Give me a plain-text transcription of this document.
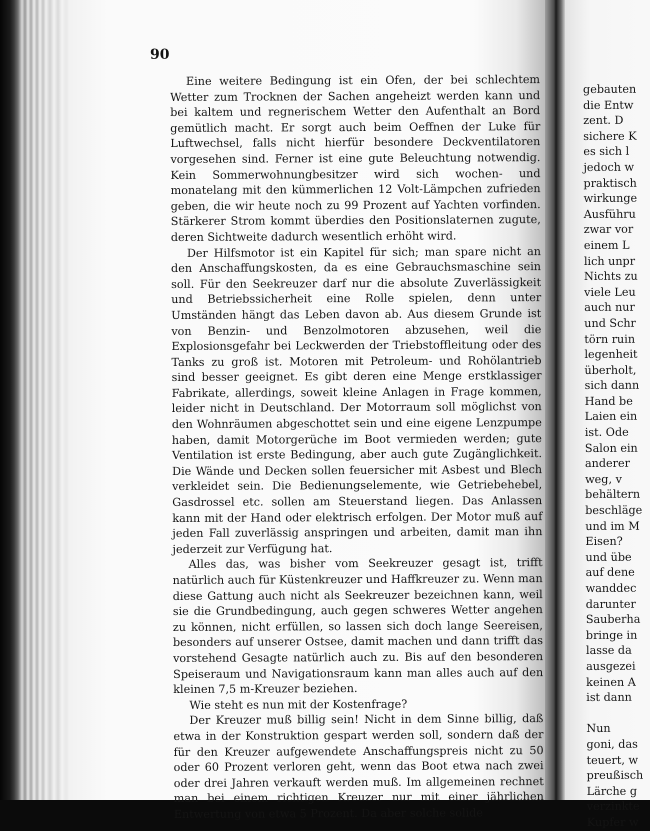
90

Eine weitere Bedingung ist ein Ofen, der bei schlechtem Wetter zum Trocknen der Sachen angeheizt werden kann und bei kaltem und regnerischem Wetter den Aufenthalt an Bord gemütlich macht. Er sorgt auch beim Oeffnen der Luke für Luftwechsel, falls nicht hierfür besondere Deckventilatoren vorgesehen sind. Ferner ist eine gute Beleuchtung notwendig. Kein Sommerwohnungbesitzer wird sich wochen- und monatelang mit den kümmerlichen 12 Volt-Lämpchen zufrieden geben, die wir heute noch zu 99 Prozent auf Yachten vorfinden. Stärkerer Strom kommt überdies den Positionslaternen zugute, deren Sichtweite dadurch wesentlich erhöht wird.

Der Hilfsmotor ist ein Kapitel für sich; man spare nicht an den Anschaffungskosten, da es eine Gebrauchsmaschine sein soll. Für den Seekreuzer darf nur die absolute Zuverlässigkeit und Betriebssicherheit eine Rolle spielen, denn unter Umständen hängt das Leben davon ab. Aus diesem Grunde ist von Benzin- und Benzolmotoren abzusehen, weil die Explosionsgefahr bei Leckwerden der Triebstoffleitung oder des Tanks zu groß ist. Motoren mit Petroleum- und Rohölantrieb sind besser geeignet. Es gibt deren eine Menge erstklassiger Fabrikate, allerdings, soweit kleine Anlagen in Frage kommen, leider nicht in Deutschland. Der Motorraum soll möglichst von den Wohnräumen abgeschottet sein und eine eigene Lenzpumpe haben, damit Motorgerüche im Boot vermieden werden; gute Ventilation ist erste Bedingung, aber auch gute Zugänglichkeit. Die Wände und Decken sollen feuersicher mit Asbest und Blech verkleidet sein. Die Bedienungselemente, wie Getriebehebel, Gasdrossel etc. sollen am Steuerstand liegen. Das Anlassen kann mit der Hand oder elektrisch erfolgen. Der Motor muß auf jeden Fall zuverlässig anspringen und arbeiten, damit man ihn jederzeit zur Verfügung hat.

Alles das, was bisher vom Seekreuzer gesagt ist, trifft natürlich auch für Küstenkreuzer und Haffkreuzer zu. Wenn man diese Gattung auch nicht als Seekreuzer bezeichnen kann, weil sie die Grundbedingung, auch gegen schweres Wetter angehen zu können, nicht erfüllen, so lassen sich doch lange Seereisen, besonders auf unserer Ostsee, damit machen und dann trifft das vorstehend Gesagte natürlich auch zu. Bis auf den besonderen Speiseraum und Navigationsraum kann man alles auch auf den kleinen 7,5 m-Kreuzer beziehen.

Wie steht es nun mit der Kostenfrage?

Der Kreuzer muß billig sein! Nicht in dem Sinne billig, daß etwa in der Konstruktion gespart werden soll, sondern daß der für den Kreuzer aufgewendete Anschaffungspreis nicht zu 50 oder 60 Prozent verloren geht, wenn das Boot etwa nach zwei oder drei Jahren verkauft werden muß. Im allgemeinen rechnet man bei einem richtigen Kreuzer nur mit einer jährlichen Entwertung von etwa 5 Prozent. Da aber solche solide

gebauten
die Entw
zent. D
sichere K
es sich l
jedoch w
praktisch
wirkunge
Ausführu
zwar vor
einem L
lich unpr
Nichts zu
viele Leu
auch nur
und Schr
törn ruin
legenheit
überholt,
sich dann
Hand be
Laien ein
ist. Ode
Salon ein
anderer
weg, v
behältern
beschläge
und im M
Eisen?
und übe
auf dene
wanddec
darunter
Sauberha
bringe in
lasse da
ausgezei
keinen A
ist dann
Nun
goni, das
teuert, w
preußisch
Lärche g
verzinkte
Kupfer w
